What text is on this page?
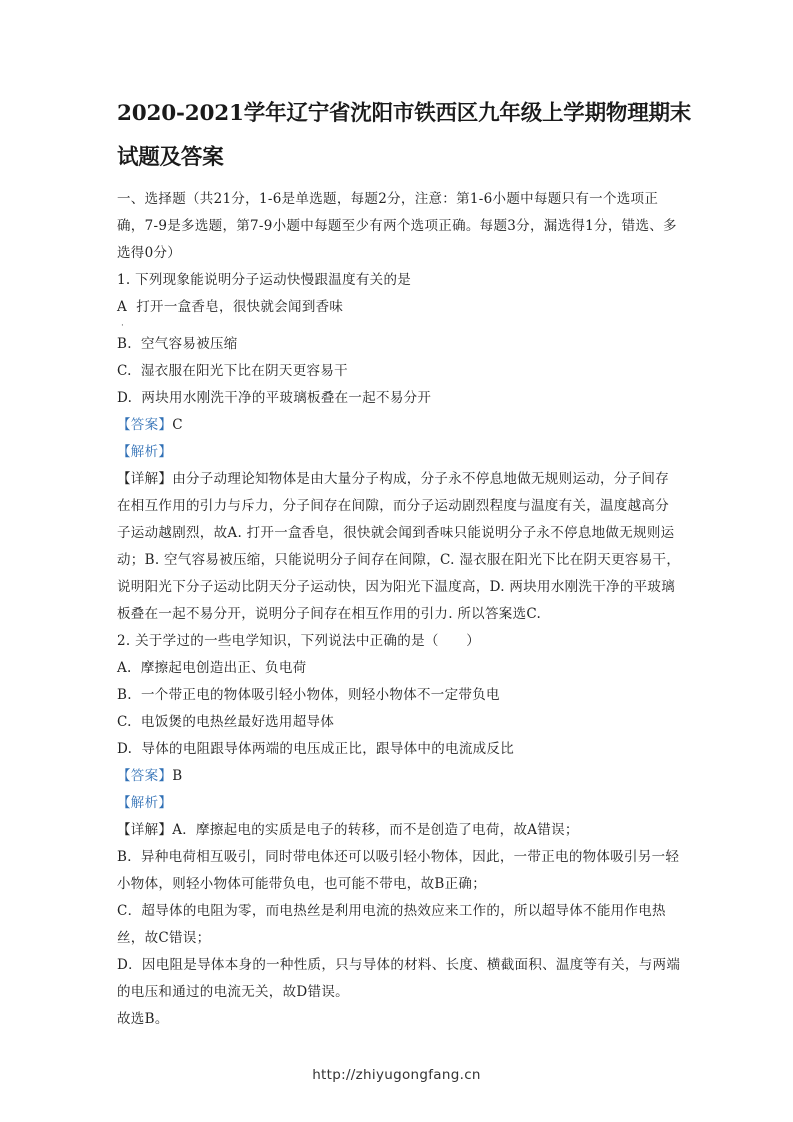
2020-2021学年辽宁省沈阳市铁西区九年级上学期物理期末
试题及答案

一、选择题（共21分，1-6是单选题，每题2分，注意：第1-6小题中每题只有一个选项正确，7-9是多选题，第7-9小题中每题至少有两个选项正确。每题3分，漏选得1分，错选、多选得0分）

1. 下列现象能说明分子运动快慢跟温度有关的是

A  打开一盒香皂，很快就会闻到香味

·

B.  空气容易被压缩

C.  湿衣服在阳光下比在阴天更容易干

D.  两块用水刚洗干净的平玻璃板叠在一起不易分开

【答案】C

【解析】

【详解】由分子动理论知物体是由大量分子构成，分子永不停息地做无规则运动，分子间存在相互作用的引力与斥力，分子间存在间隙，而分子运动剧烈程度与温度有关，温度越高分子运动越剧烈，故A. 打开一盒香皂，很快就会闻到香味只能说明分子永不停息地做无规则运动；B. 空气容易被压缩，只能说明分子间存在间隙，C. 湿衣服在阳光下比在阴天更容易干，说明阳光下分子运动比阴天分子运动快，因为阳光下温度高，D. 两块用水刚洗干净的平玻璃板叠在一起不易分开，说明分子间存在相互作用的引力. 所以答案选C.

2. 关于学过的一些电学知识，下列说法中正确的是（      ）

A.  摩擦起电创造出正、负电荷

B.  一个带正电的物体吸引轻小物体，则轻小物体不一定带负电

C.  电饭煲的电热丝最好选用超导体

D.  导体的电阻跟导体两端的电压成正比，跟导体中的电流成反比

【答案】B

【解析】

【详解】A．摩擦起电的实质是电子的转移，而不是创造了电荷，故A错误；

B．异种电荷相互吸引，同时带电体还可以吸引轻小物体，因此，一带正电的物体吸引另一轻小物体，则轻小物体可能带负电，也可能不带电，故B正确；

C．超导体的电阻为零，而电热丝是利用电流的热效应来工作的，所以超导体不能用作电热丝，故C错误；

D．因电阻是导体本身的一种性质，只与导体的材料、长度、横截面积、温度等有关，与两端的电压和通过的电流无关，故D错误。

故选B。

http://zhiyugongfang.cn
